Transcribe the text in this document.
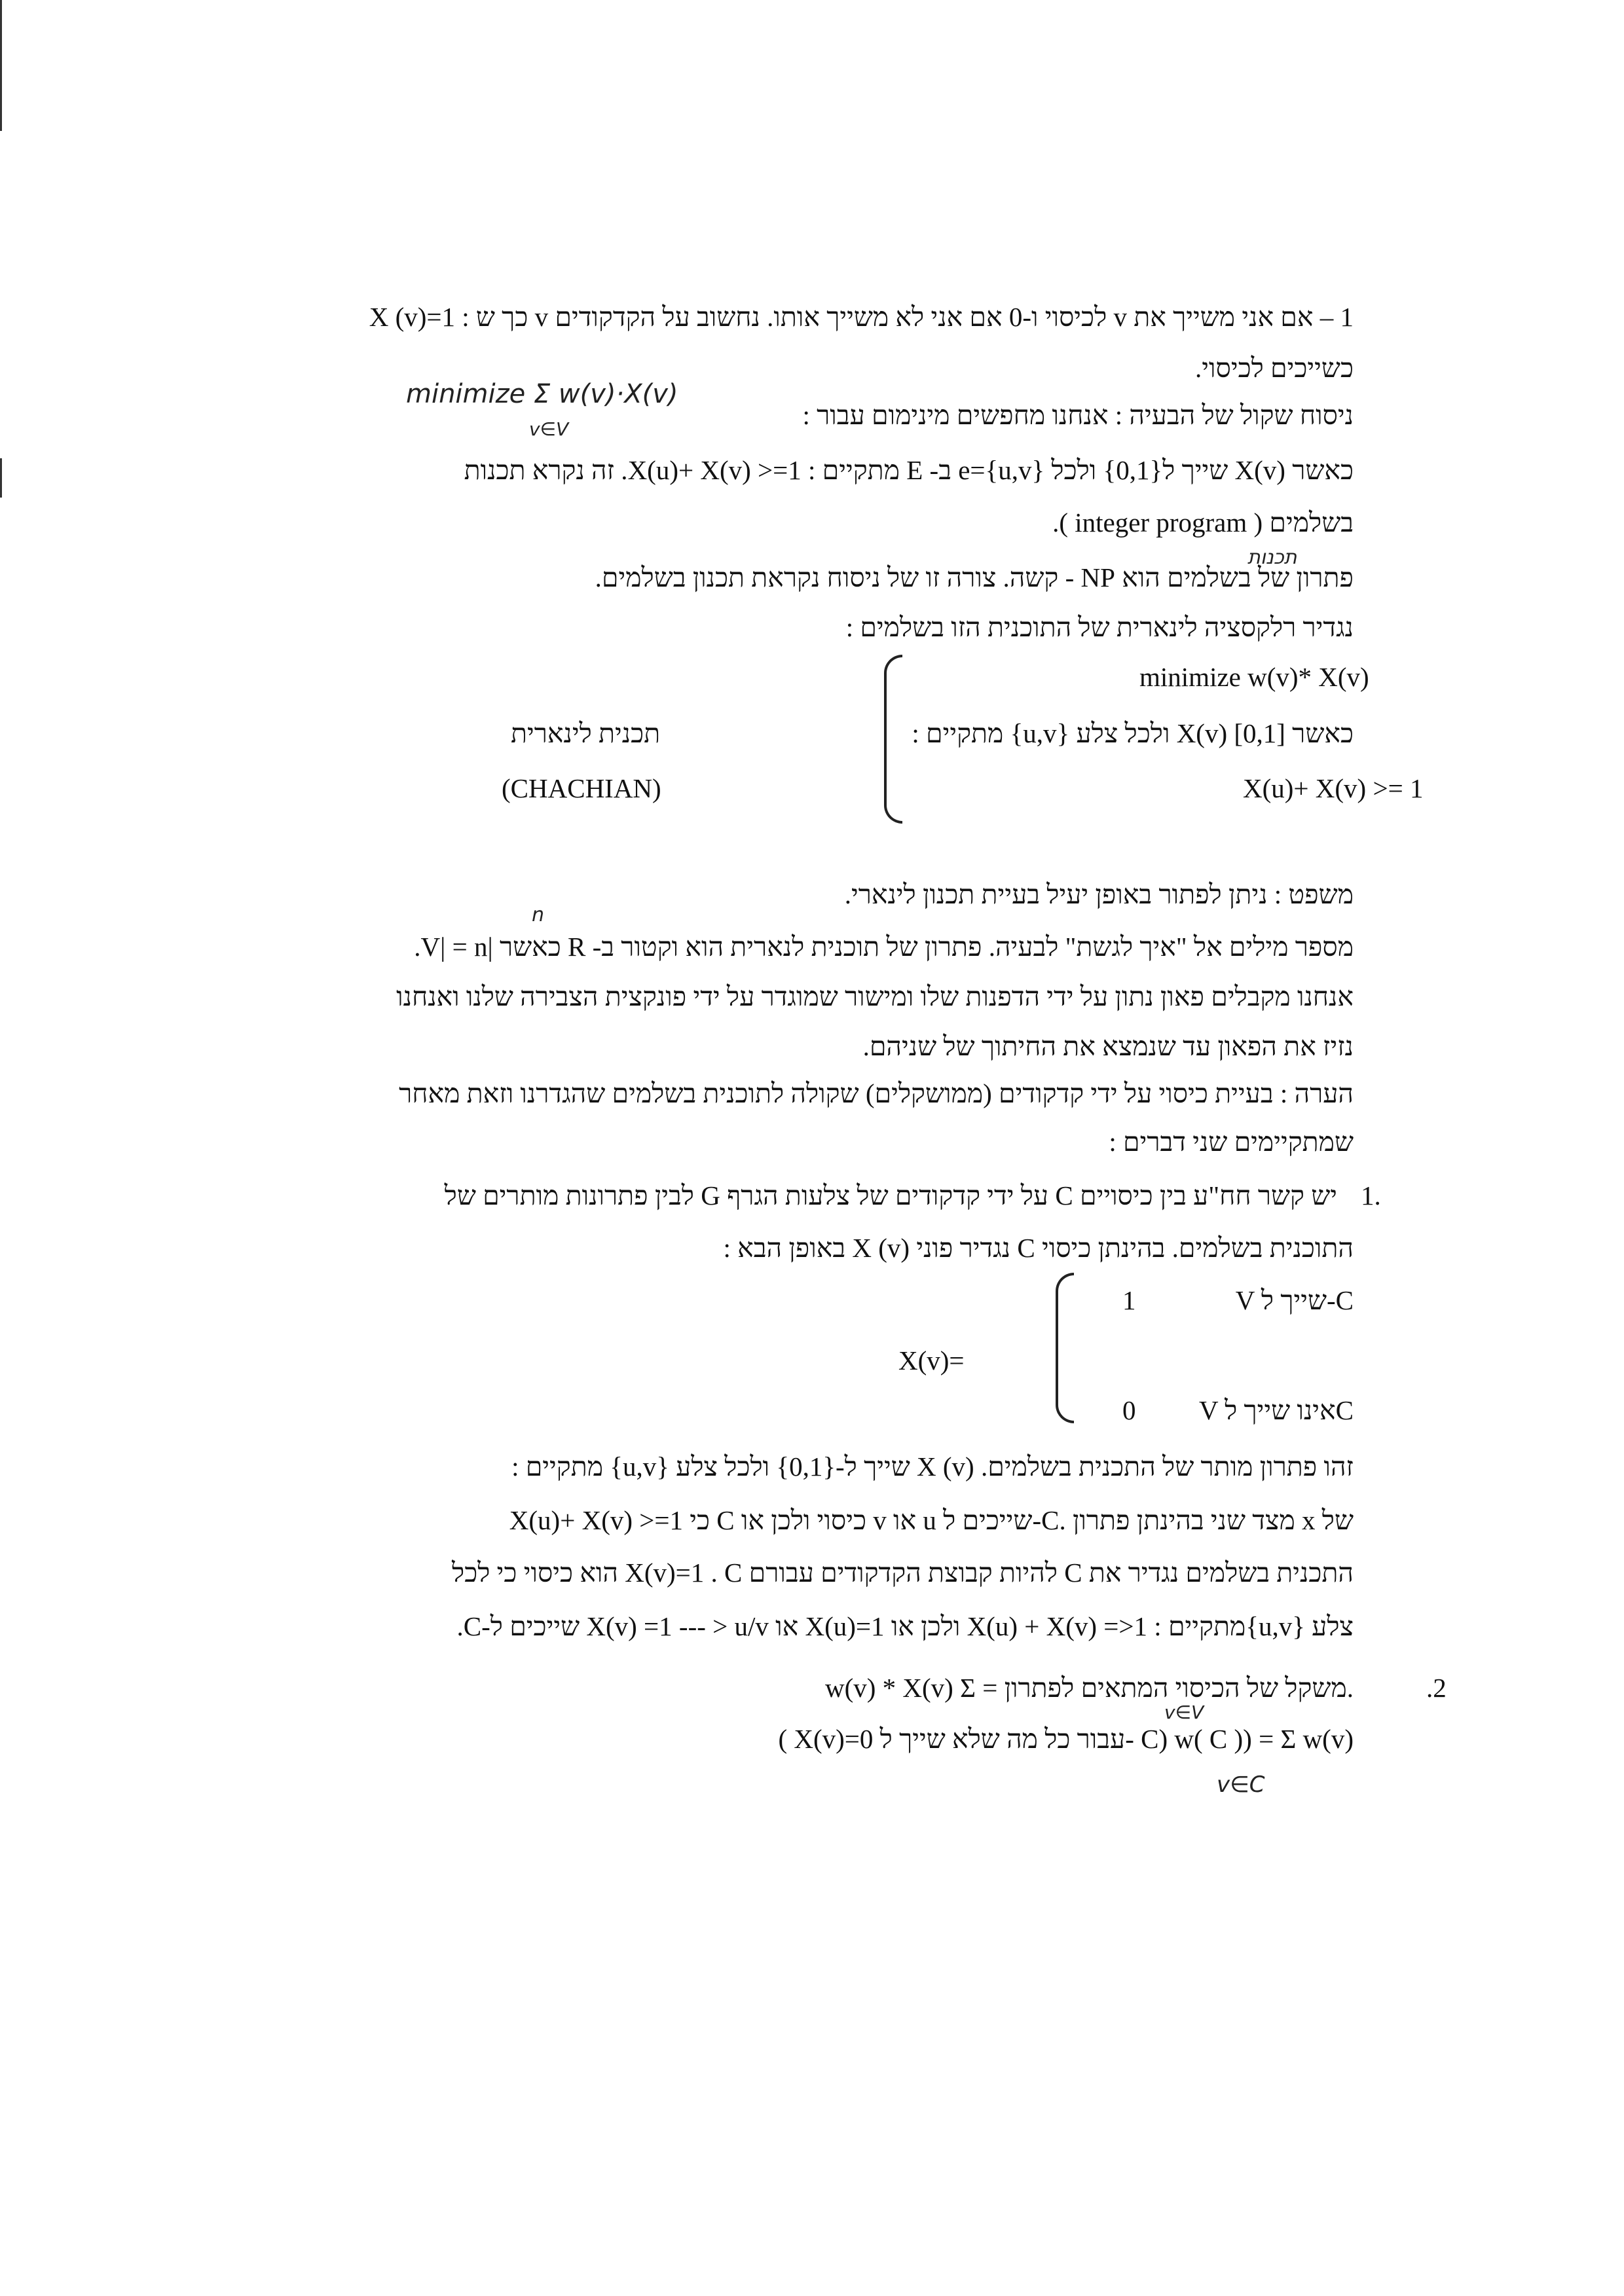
1 – אם אני משייך את v לכיסוי ו-0 אם אני לא משייך אותו. נחשוב על הקדקודים v כך ש : X (v)=1
כשייכים לכיסוי.
minimize Σ w(v)·X(v)
v∈V	ניסוח שקול של הבעיה : אנחנו מחפשים מינימום עבור :
כאשר X(v) שייך ל{0,1} ולכל e={u,v} ב- E מתקיים : X(u)+ X(v) >=1. זה נקרא תכנות
בשלמים ( integer program ).
תכנות
פתרון של בשלמים הוא NP - קשה. צורה זו של ניסוח נקראת תכנון בשלמים.
נגדיר רלקסציה לינארית של התוכנית הזו בשלמים :
minimize w(v)* X(v)
כאשר [0,1] X(v) ולכל צלע {u,v} מתקיים :
X(u)+ X(v) >= 1
תכנית לינארית
(CHACHIAN)
משפט : ניתן לפתור באופן יעיל בעיית תכנון לינארי.
n
מספר מילים אל "איך לגשת" לבעיה. פתרון של תוכנית לנארית הוא וקטור ב- R כאשר |V| = n.
אנחנו מקבלים פאון נתון על ידי הדפנות שלו ומישור שמוגדר על ידי פונקצית הצבירה שלנו ואנחנו
נזיז את הפאון עד שנמצא את החיתוך של שניהם.
הערה : בעיית כיסוי על ידי קדקודים (ממושקלים) שקולה לתוכנית בשלמים שהגדרנו וזאת מאחר
שמתקיימים שני דברים :
1.
יש קשר חח"ע בין כיסויים C על ידי קדקודים של צלעות הגרף G לבין פתרונות מותרים של
התוכנית בשלמים. בהינתן כיסוי C נגדיר פוני X (v) באופן הבא :
V שייך ל-C
1
X(v)=
V אינו שייך לC
0
זהו פתרון מותר של התכנית בשלמים. X (v) שייך ל-{0,1} ולכל צלע {u,v} מתקיים :
X(u)+ X(v) >=1 כי C כיסוי ולכן או v או u שייכים ל-C. מצד שני בהינתן פתרון x של
התכנית בשלמים נגדיר את C להיות קבוצת הקדקודים עבורם X(v)=1 . C הוא כיסוי כי לכל
צלע {u,v}מתקיים : 1<= X(u) + X(v) ולכן או X(u)=1 או X(v) =1 --- > u/v שייכים ל-C.
.2
w(v) * X(v) Σ = משקל של הכיסוי המתאים לפתרון.
v∈V
( X(v)=0 עבור כל מה שלא שייך ל- C) w( C )) = Σ w(v)
v∈C
